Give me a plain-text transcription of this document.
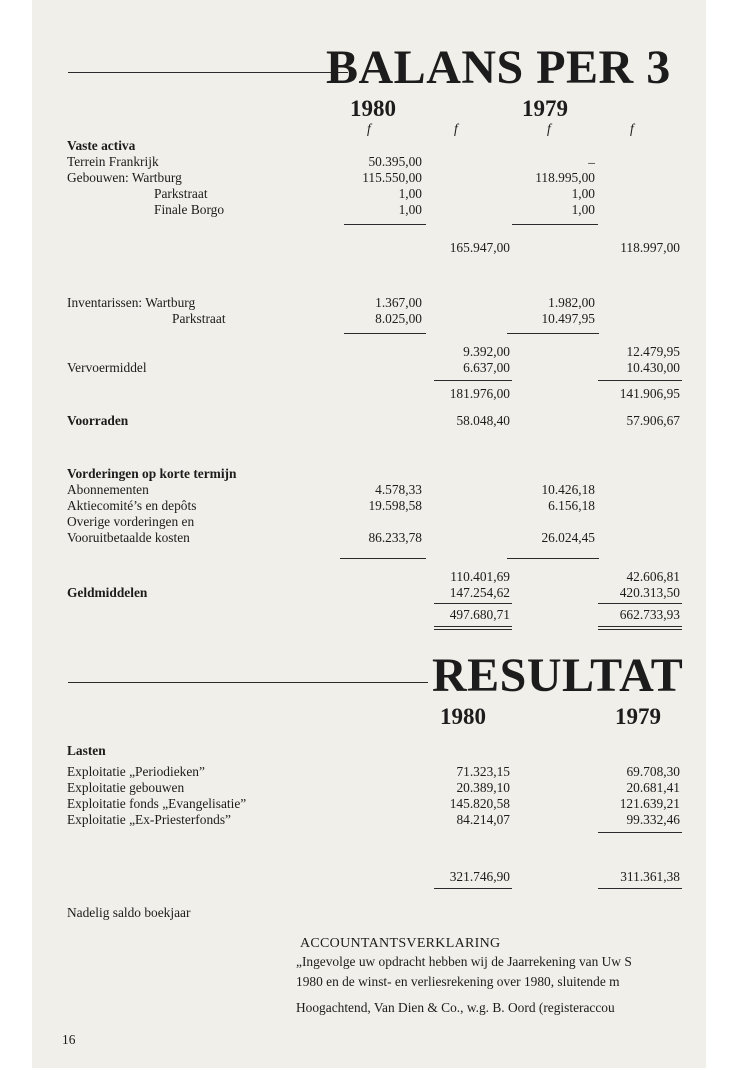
BALANS PER 3
1980	1979
f	f	f	f
Vaste activa
Terrein Frankrijk	50.395,00	_
Gebouwen: Wartburg	115.550,00	118.995,00
Parkstraat	1,00	1,00
Finale Borgo	1,00	1,00
165.947,00	118.997,00
Inventarissen: Wartburg	1.367,00	1.982,00
Parkstraat	8.025,00	10.497,95
9.392,00	12.479,95
Vervoermiddel	6.637,00	10.430,00
181.976,00	141.906,95
Voorraden	58.048,40	57.906,67
Vorderingen op korte termijn
Abonnementen	4.578,33	10.426,18
Aktiecomité’s en depôts	19.598,58	6.156,18
Overige vorderingen en
Vooruitbetaalde kosten	86.233,78	26.024,45
110.401,69	42.606,81
Geldmiddelen	147.254,62	420.313,50
497.680,71	662.733,93
RESULTAT
1980	1979
Lasten
Exploitatie „Periodieken”	71.323,15	69.708,30
Exploitatie gebouwen	20.389,10	20.681,41
Exploitatie fonds „Evangelisatie”	145.820,58	121.639,21
Exploitatie „Ex-Priesterfonds”	84.214,07	99.332,46
321.746,90	311.361,38
Nadelig saldo boekjaar
ACCOUNTANTSVERKLARING
„Ingevolge uw opdracht hebben wij de Jaarrekening van Uw S
1980 en de winst- en verliesrekening over 1980, sluitende m
Hoogachtend, Van Dien & Co., w.g. B. Oord (registeraccou
16
